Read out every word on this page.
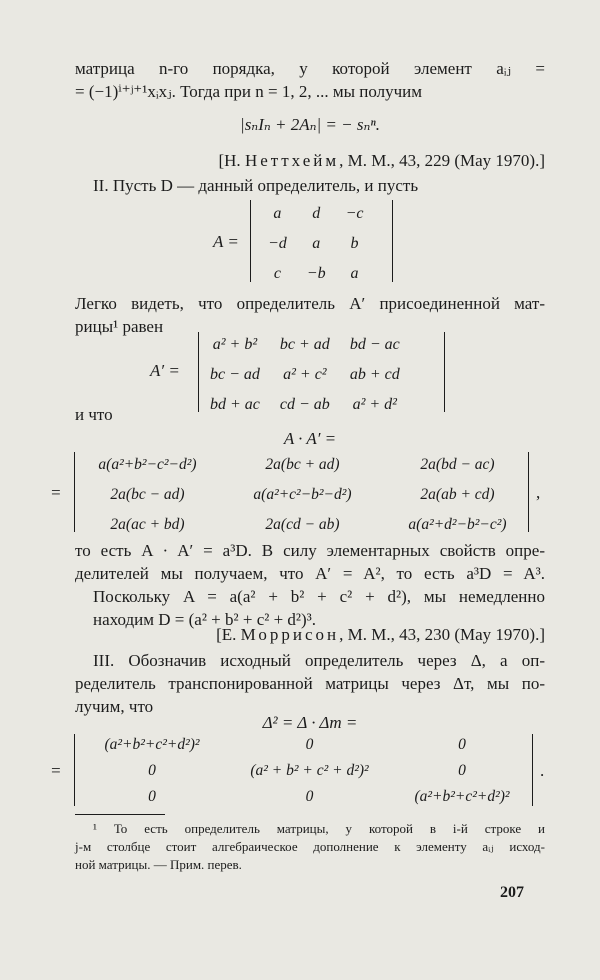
матрица n-го порядка, у которой элемент aᵢⱼ =
= (−1)ⁱ⁺ʲ⁺¹xᵢxⱼ. Тогда при n = 1, 2, ... мы получим
|sₙIₙ + 2Aₙ| = − sₙⁿ.
[Н. Неттхейм, M. M., 43, 229 (May 1970).]
II. Пусть D — данный определитель, и пусть
A =
a	d	−c
−d	a	b
c	−b	a
Легко видеть, что определитель A′ присоединенной мат-
рицы¹ равен
A′ =
a² + b²	bc + ad	bd − ac
bc − ad	a² + c²	ab + cd
bd + ac	cd − ab	a² + d²
и что
A · A′ =
=
a(a²+b²−c²−d²)	2a(bc + ad)	2a(bd − ac)
2a(bc − ad)	a(a²+c²−b²−d²)	2a(ab + cd)
2a(ac + bd)	2a(cd − ab)	a(a²+d²−b²−c²)
,
то есть A · A′ = a³D. В силу элементарных свойств опре-
делителей мы получаем, что A′ = A², то есть a³D = A³.
Поскольку A = a(a² + b² + c² + d²), мы немедленно
находим D = (a² + b² + c² + d²)³.
[Е. Моррисон, M. M., 43, 230 (May 1970).]
III. Обозначив исходный определитель через Δ, а оп-
ределитель транспонированной матрицы через Δт, мы по-
лучим, что
Δ² = Δ · Δт =
=
(a²+b²+c²+d²)²	0	0
0	(a² + b² + c² + d²)²	0
0	0	(a²+b²+c²+d²)²
.
¹ То есть определитель матрицы, у которой в i-й строке и
j-м столбце стоит алгебраическое дополнение к элементу aᵢⱼ исход-
ной матрицы. — Прим. перев.
207
